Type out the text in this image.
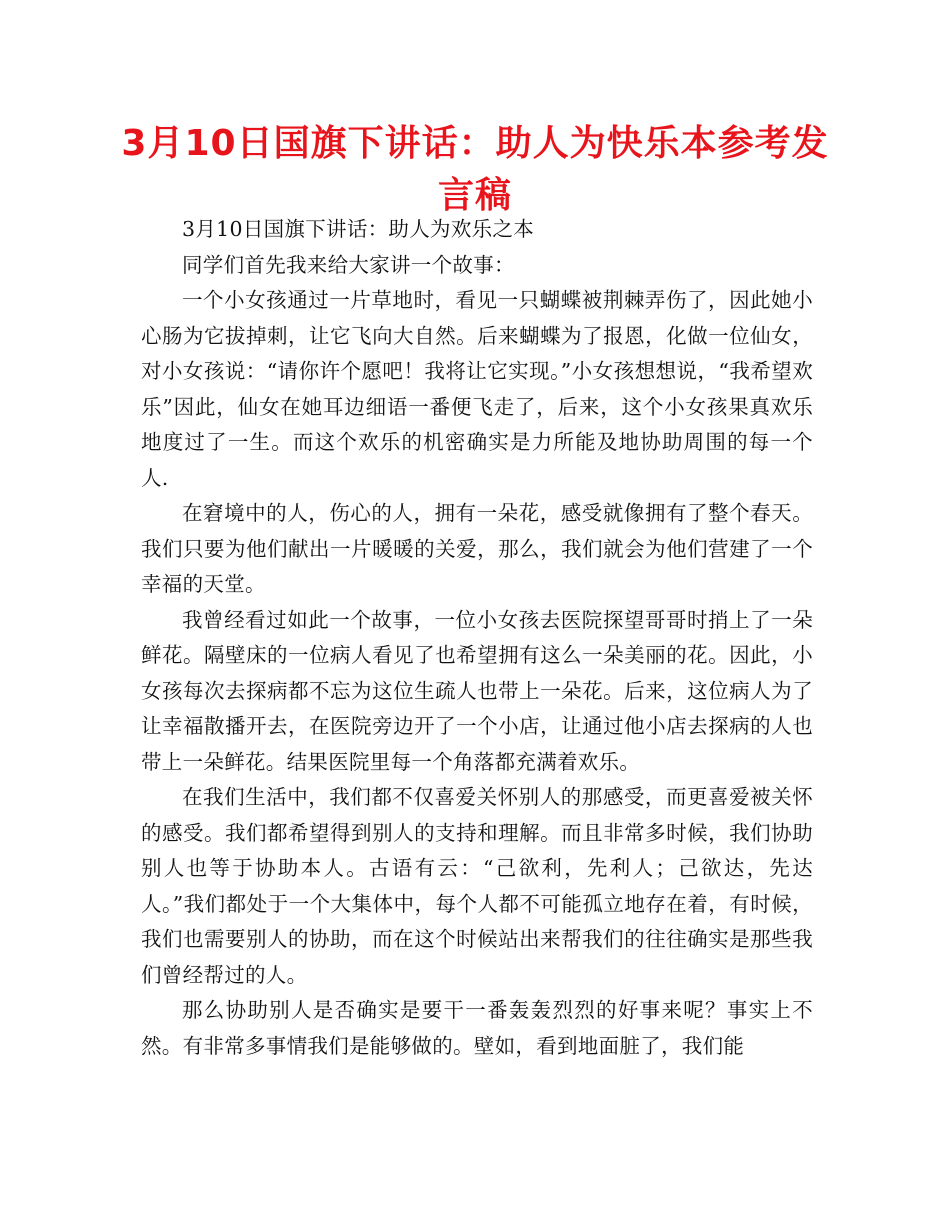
3月10日国旗下讲话：助人为快乐本参考发言稿

3月10日国旗下讲话：助人为欢乐之本

同学们首先我来给大家讲一个故事：

一个小女孩通过一片草地时，看见一只蝴蝶被荆棘弄伤了，因此她小心肠为它拔掉刺，让它飞向大自然。后来蝴蝶为了报恩，化做一位仙女，对小女孩说：“请你许个愿吧！我将让它实现。”小女孩想想说，“我希望欢乐”因此，仙女在她耳边细语一番便飞走了，后来，这个小女孩果真欢乐地度过了一生。而这个欢乐的机密确实是力所能及地协助周围的每一个人.

在窘境中的人，伤心的人，拥有一朵花，感受就像拥有了整个春天。我们只要为他们献出一片暖暖的关爱，那么，我们就会为他们营建了一个幸福的天堂。

我曾经看过如此一个故事，一位小女孩去医院探望哥哥时捎上了一朵鲜花。隔壁床的一位病人看见了也希望拥有这么一朵美丽的花。因此，小女孩每次去探病都不忘为这位生疏人也带上一朵花。后来，这位病人为了让幸福散播开去，在医院旁边开了一个小店，让通过他小店去探病的人也带上一朵鲜花。结果医院里每一个角落都充满着欢乐。

在我们生活中，我们都不仅喜爱关怀别人的那感受，而更喜爱被关怀的感受。我们都希望得到别人的支持和理解。而且非常多时候，我们协助别人也等于协助本人。古语有云：“己欲利，先利人；己欲达，先达人。”我们都处于一个大集体中，每个人都不可能孤立地存在着，有时候，我们也需要别人的协助，而在这个时候站出来帮我们的往往确实是那些我们曾经帮过的人。

那么协助别人是否确实是要干一番轰轰烈烈的好事来呢？事实上不然。有非常多事情我们是能够做的。壁如，看到地面脏了，我们能
